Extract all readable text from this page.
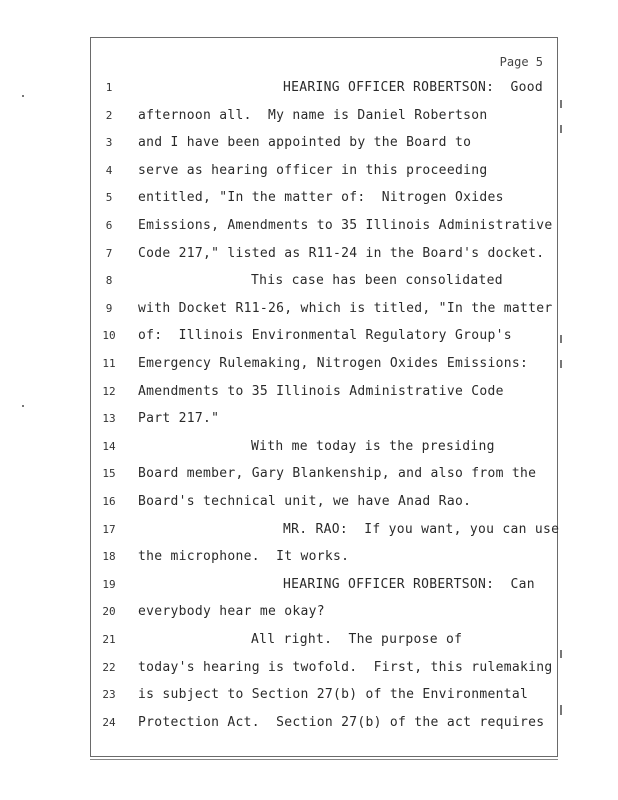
Page 5
1	HEARING OFFICER ROBERTSON:  Good
2	afternoon all.  My name is Daniel Robertson
3	and I have been appointed by the Board to
4	serve as hearing officer in this proceeding
5	entitled, "In the matter of:  Nitrogen Oxides
6	Emissions, Amendments to 35 Illinois Administrative
7	Code 217," listed as R11-24 in the Board's docket.
8	This case has been consolidated
9	with Docket R11-26, which is titled, "In the matter
10 of:  Illinois Environmental Regulatory Group's
11 Emergency Rulemaking, Nitrogen Oxides Emissions:
12 Amendments to 35 Illinois Administrative Code
13 Part 217."
14	With me today is the presiding
15 Board member, Gary Blankenship, and also from the
16 Board's technical unit, we have Anad Rao.
17	MR. RAO:  If you want, you can use
18 the microphone.  It works.
19	HEARING OFFICER ROBERTSON:  Can
20 everybody hear me okay?
21	All right.  The purpose of
22 today's hearing is twofold.  First, this rulemaking
23 is subject to Section 27(b) of the Environmental
24 Protection Act.  Section 27(b) of the act requires
